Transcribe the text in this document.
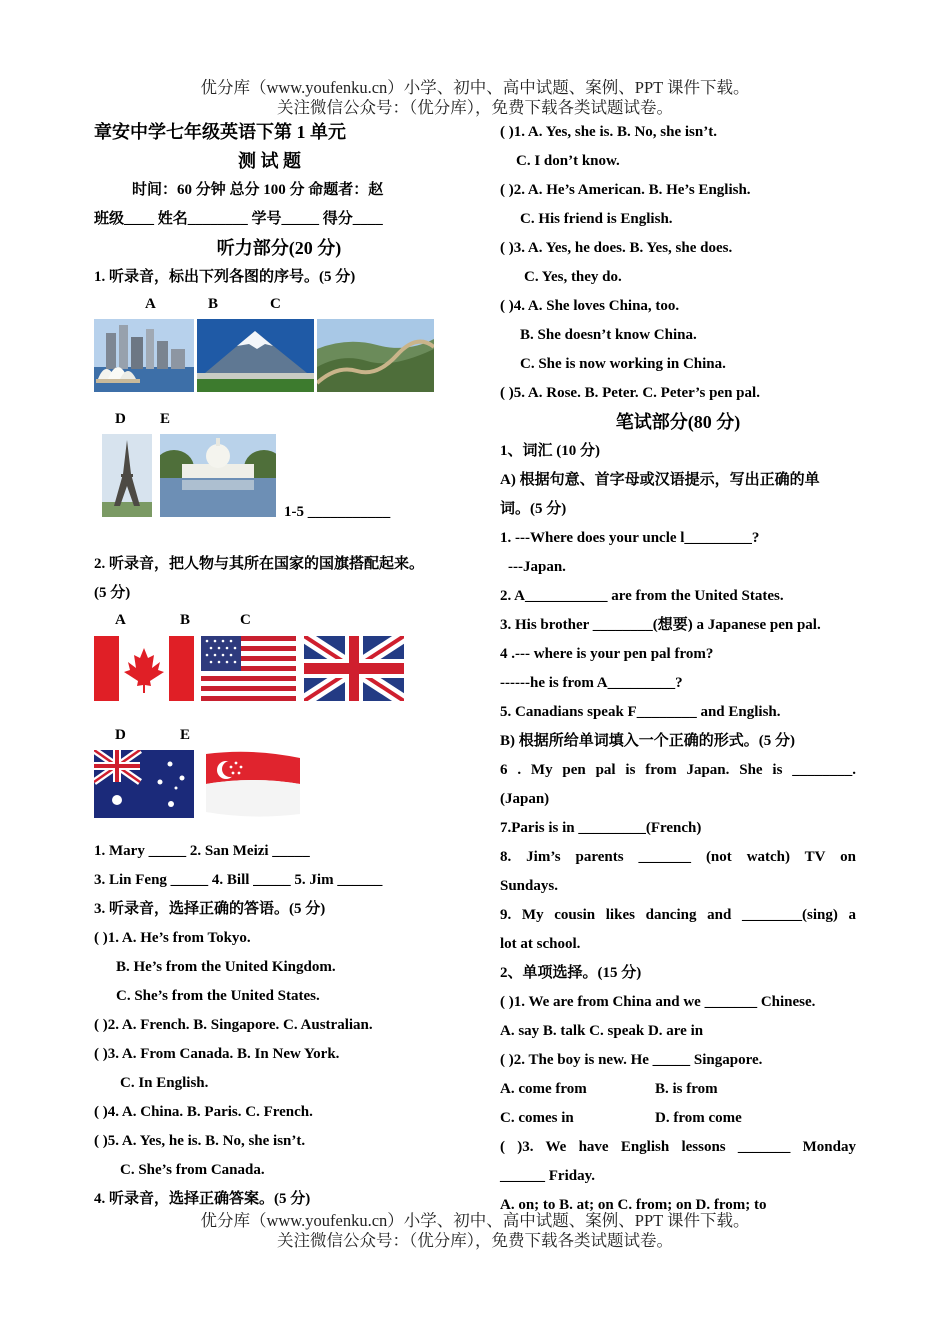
优分库（www.youfenku.cn）小学、初中、高中试题、案例、PPT 课件下载。
关注微信公众号：（优分库），免费下载各类试题试卷。
章安中学七年级英语下第 1 单元
测 试 题
时间：60 分钟 总分 100 分 命题者：赵
班级____ 姓名________ 学号_____ 得分____
听力部分(20 分)
1. 听录音，标出下列各图的序号。(5 分)
A	B	C
D E
1-5 ___________
2. 听录音，把人物与其所在国家的国旗搭配起来。
(5 分)
A	B	C
D	E
1. Mary _____ 2. San Meizi _____
3. Lin Feng _____ 4. Bill _____ 5. Jim ______
3. 听录音，选择正确的答语。(5 分)
( )1. A. He’s from Tokyo.
B. He’s from the United Kingdom.
C. She’s from the United States.
( )2. A. French. B. Singapore. C. Australian.
( )3. A. From Canada. B. In New York.
C. In English.
( )4. A. China. B. Paris. C. French.
( )5. A. Yes, he is. B. No, she isn’t.
C. She’s from Canada.
4. 听录音，选择正确答案。(5 分)
( )1. A. Yes, she is. B. No, she isn’t.
C. I don’t know.
( )2. A. He’s American. B. He’s English.
C. His friend is English.
( )3. A. Yes, he does. B. Yes, she does.
C. Yes, they do.
( )4. A. She loves China, too.
B. She doesn’t know China.
C. She is now working in China.
( )5. A. Rose. B. Peter. C. Peter’s pen pal.
笔试部分(80 分)
1、词汇 (10 分)
A) 根据句意、首字母或汉语提示，写出正确的单
词。(5 分)
1. ---Where does your uncle l_________?
---Japan.
2. A___________ are from the United States.
3. His brother ________(想要) a Japanese pen pal.
4 .--- where is your pen pal from?
------he is from A_________?
5. Canadians speak F________ and English.
B) 根据所给单词填入一个正确的形式。(5 分)
6 . My pen pal is from Japan. She is ________.
(Japan)
7.Paris is in _________(French)
8. Jim’s parents _______ (not watch) TV on
Sundays.
9. My cousin likes dancing and ________(sing) a
lot at school.
2、单项选择。(15 分)
( )1. We are from China and we _______ Chinese.
A. say B. talk C. speak D. are in
( )2. The boy is new. He _____ Singapore.
A. come from	B. is from
C. comes in	D. from come
( )3. We have English lessons _______ Monday
______ Friday.
A. on; to B. at; on C. from; on D. from; to
优分库（www.youfenku.cn）小学、初中、高中试题、案例、PPT 课件下载。
关注微信公众号：（优分库），免费下载各类试题试卷。
